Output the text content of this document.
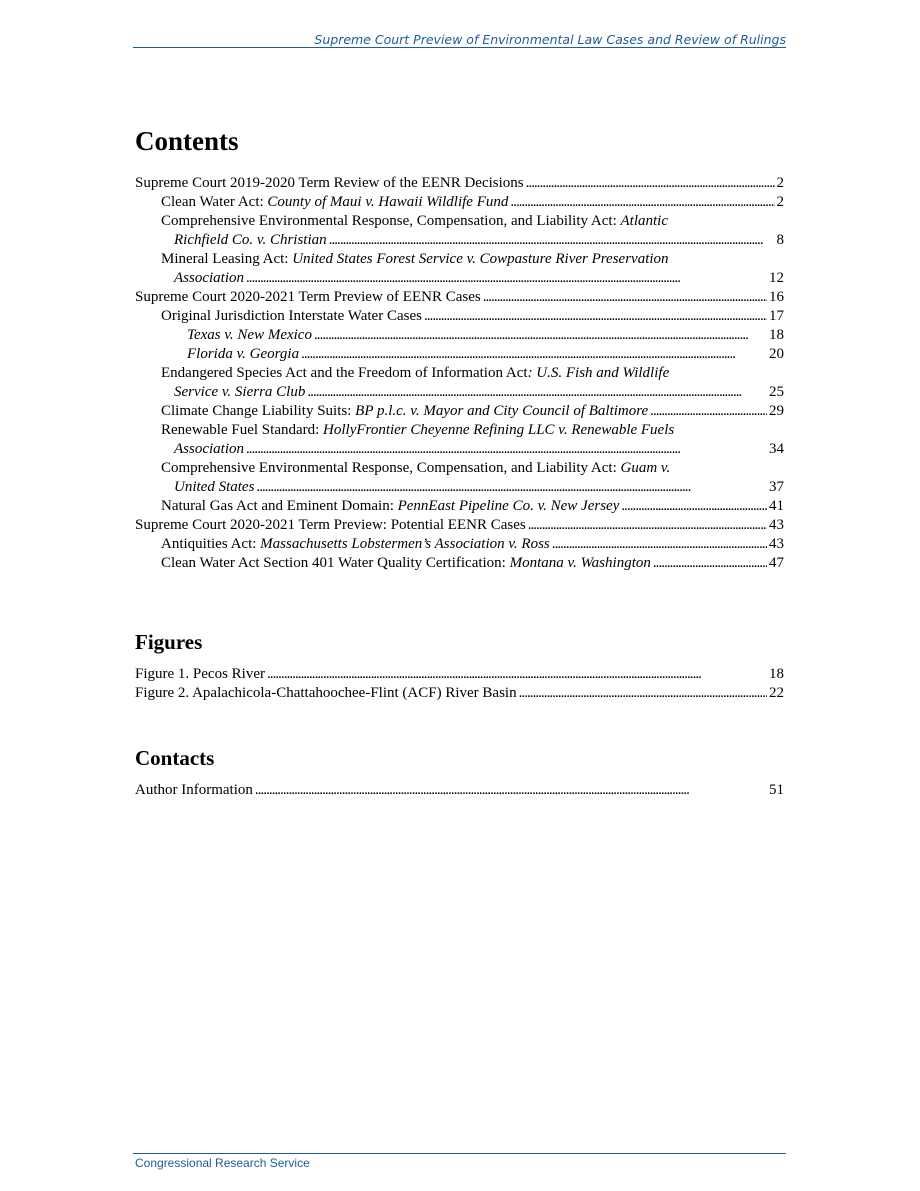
Supreme Court Preview of Environmental Law Cases and Review of Rulings
Contents
Supreme Court 2019-2020 Term Review of the EENR Decisions . . .	2
Clean Water Act: County of Maui v. Hawaii Wildlife Fund . . .	2
Comprehensive Environmental Response, Compensation, and Liability Act: Atlantic
Richfield Co. v. Christian . . .	8
Mineral Leasing Act: United States Forest Service v. Cowpasture River Preservation
Association . . .	12
Supreme Court 2020-2021 Term Preview of EENR Cases . . .	16
Original Jurisdiction Interstate Water Cases . . .	17
Texas v. New Mexico . . .	18
Florida v. Georgia . . .	20
Endangered Species Act and the Freedom of Information Act: U.S. Fish and Wildlife
Service v. Sierra Club . . .	25
Climate Change Liability Suits: BP p.l.c. v. Mayor and City Council of Baltimore . . .	29
Renewable Fuel Standard: HollyFrontier Cheyenne Refining LLC v. Renewable Fuels
Association . . .	34
Comprehensive Environmental Response, Compensation, and Liability Act: Guam v.
United States . . .	37
Natural Gas Act and Eminent Domain: PennEast Pipeline Co. v. New Jersey . . .	41
Supreme Court 2020-2021 Term Preview: Potential EENR Cases . . .	43
Antiquities Act: Massachusetts Lobstermen’s Association v. Ross . . .	43
Clean Water Act Section 401 Water Quality Certification: Montana v. Washington . . .	47
Figures
Figure 1. Pecos River . . .	18
Figure 2. Apalachicola-Chattahoochee-Flint (ACF) River Basin . . .	22
Contacts
Author Information . . .	51
Congressional Research Service
